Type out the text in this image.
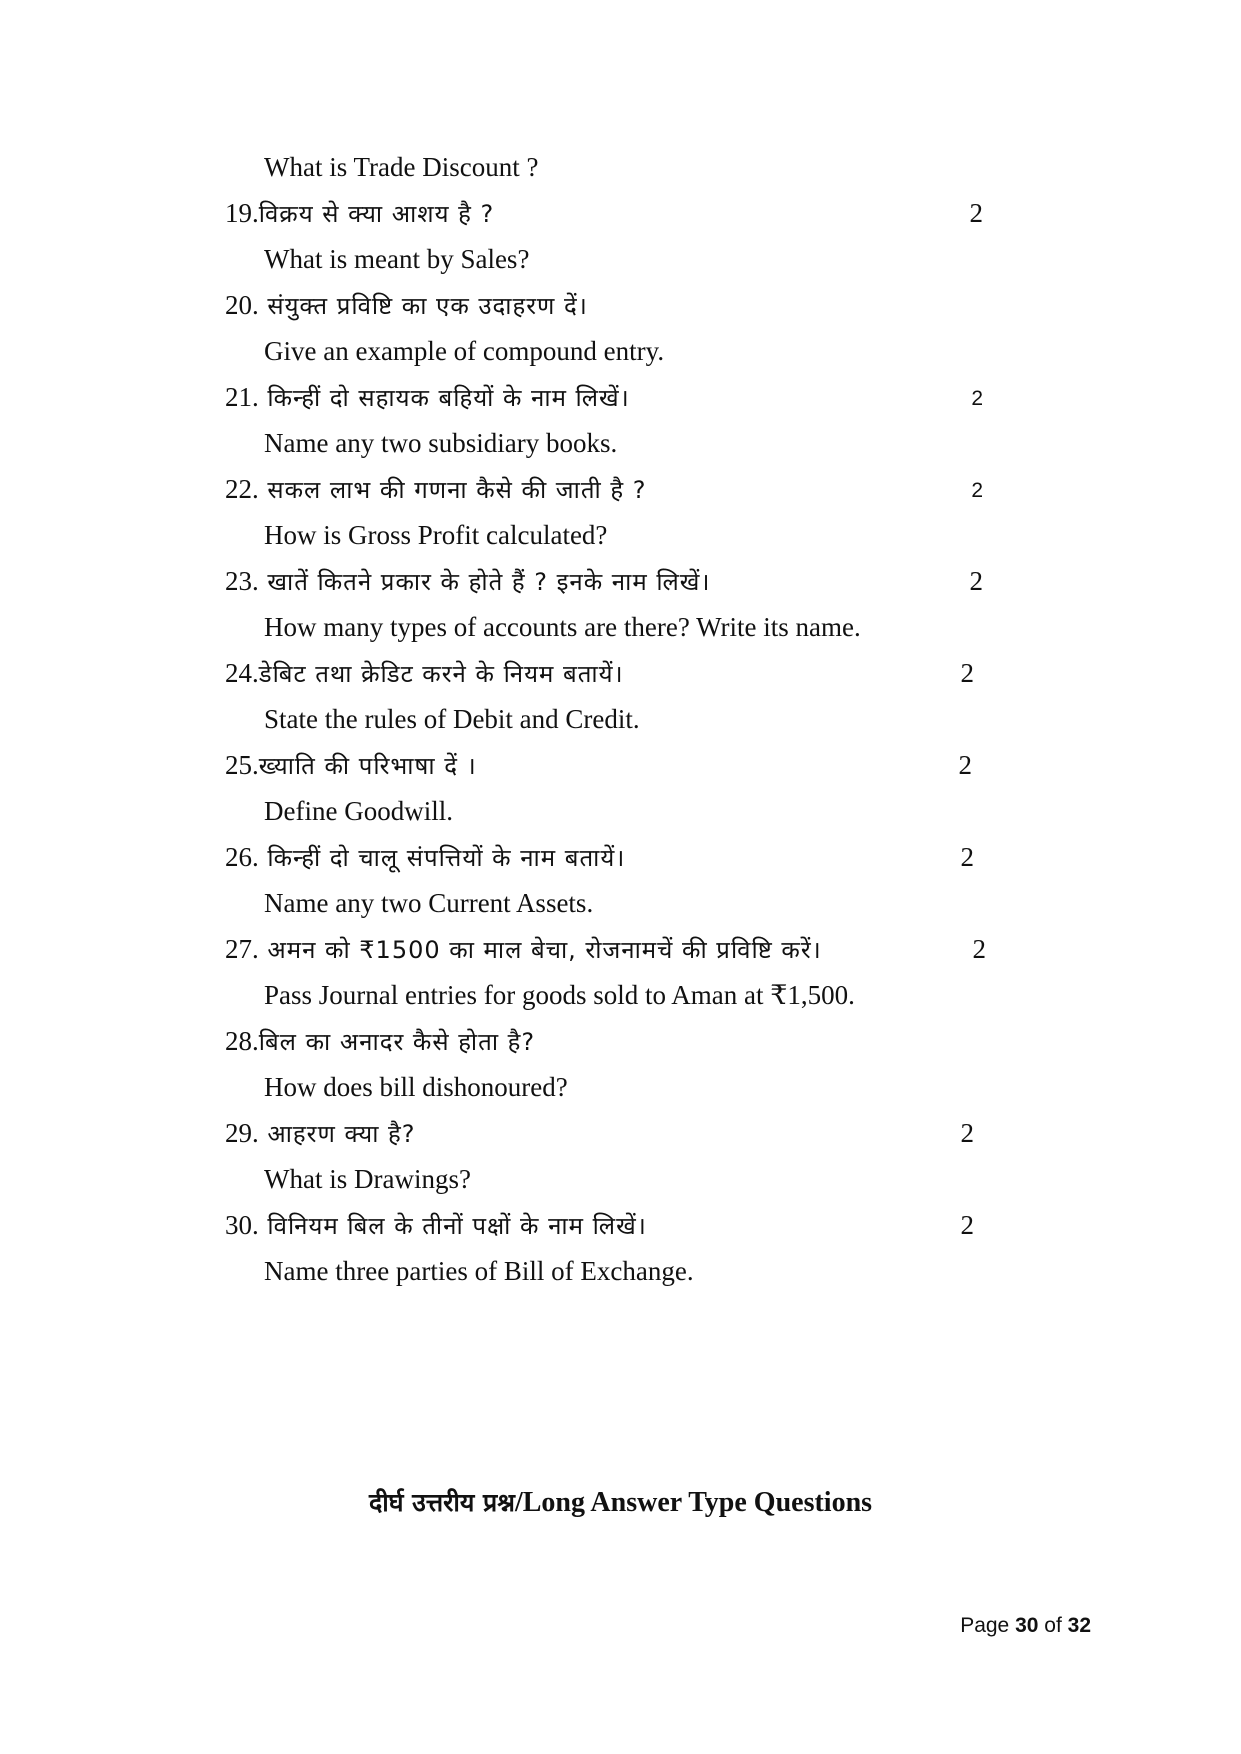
What is Trade Discount ?
19.विक्रय से क्या आशय है ?	2
What is meant by Sales?
20. संयुक्त प्रविष्टि का एक उदाहरण दें।
Give an example of compound entry.
21. किन्हीं दो सहायक बहियों के नाम लिखें।	2
Name any two subsidiary books.
22. सकल लाभ की गणना कैसे की जाती है ?	2
How is Gross Profit calculated?
23. खातें कितने प्रकार के होते हैं ? इनके नाम लिखें।	2
How many types of accounts are there? Write its name.
24.डेबिट तथा क्रेडिट करने के नियम बतायें।	2
State the rules of Debit and Credit.
25.ख्याति की परिभाषा दें ।	2
Define Goodwill.
26. किन्हीं दो चालू संपत्तियों के नाम बतायें।	2
Name any two Current Assets.
27. अमन को ₹1500 का माल बेचा, रोजनामचें की प्रविष्टि करें।	2
Pass Journal entries for goods sold to Aman at ₹1,500.
28.बिल का अनादर कैसे होता है?
How does bill dishonoured?
29. आहरण क्या है?	2
What is Drawings?
30. विनियम बिल के तीनों पक्षों के नाम लिखें।	2
Name three parties of Bill of Exchange.
दीर्घ उत्तरीय प्रश्न/Long Answer Type Questions
Page 30 of 32
